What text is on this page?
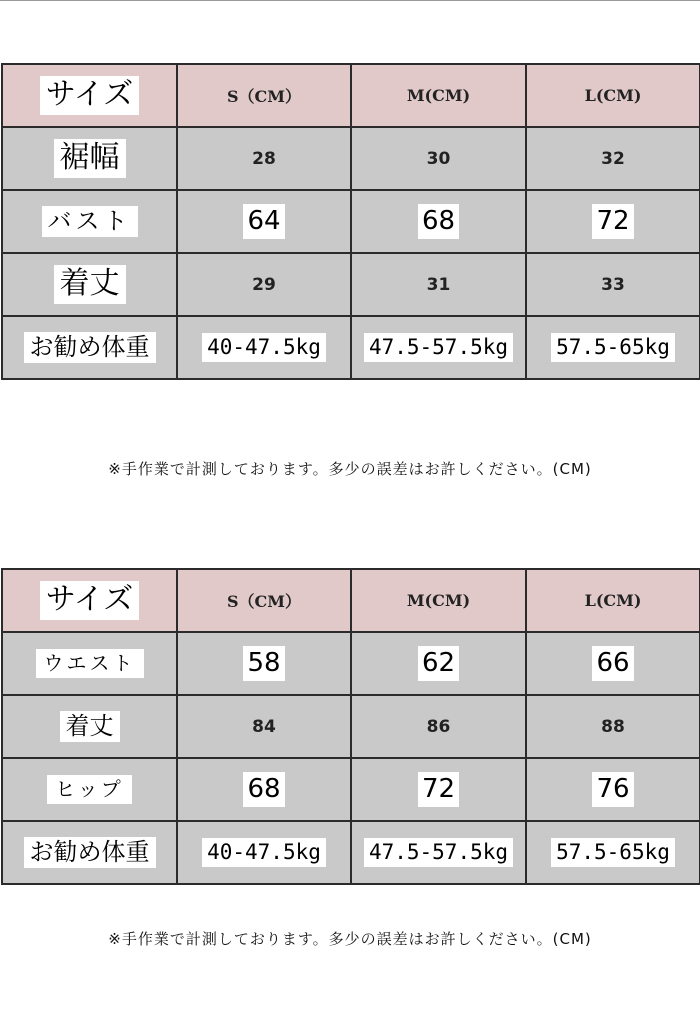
サイズ	S（CM）	M(CM)	L(CM)
裾幅	28	30	32
バスト	64	68	72
着丈	29	31	33
お勧め体重	40-47.5kg	47.5-57.5kg	57.5-65kg
※手作業で計測しております。多少の誤差はお許しください。(CM)
サイズ	S（CM）	M(CM)	L(CM)
ウエスト	58	62	66
着丈	84	86	88
ヒップ	68	72	76
お勧め体重	40-47.5kg	47.5-57.5kg	57.5-65kg
※手作業で計測しております。多少の誤差はお許しください。(CM)
